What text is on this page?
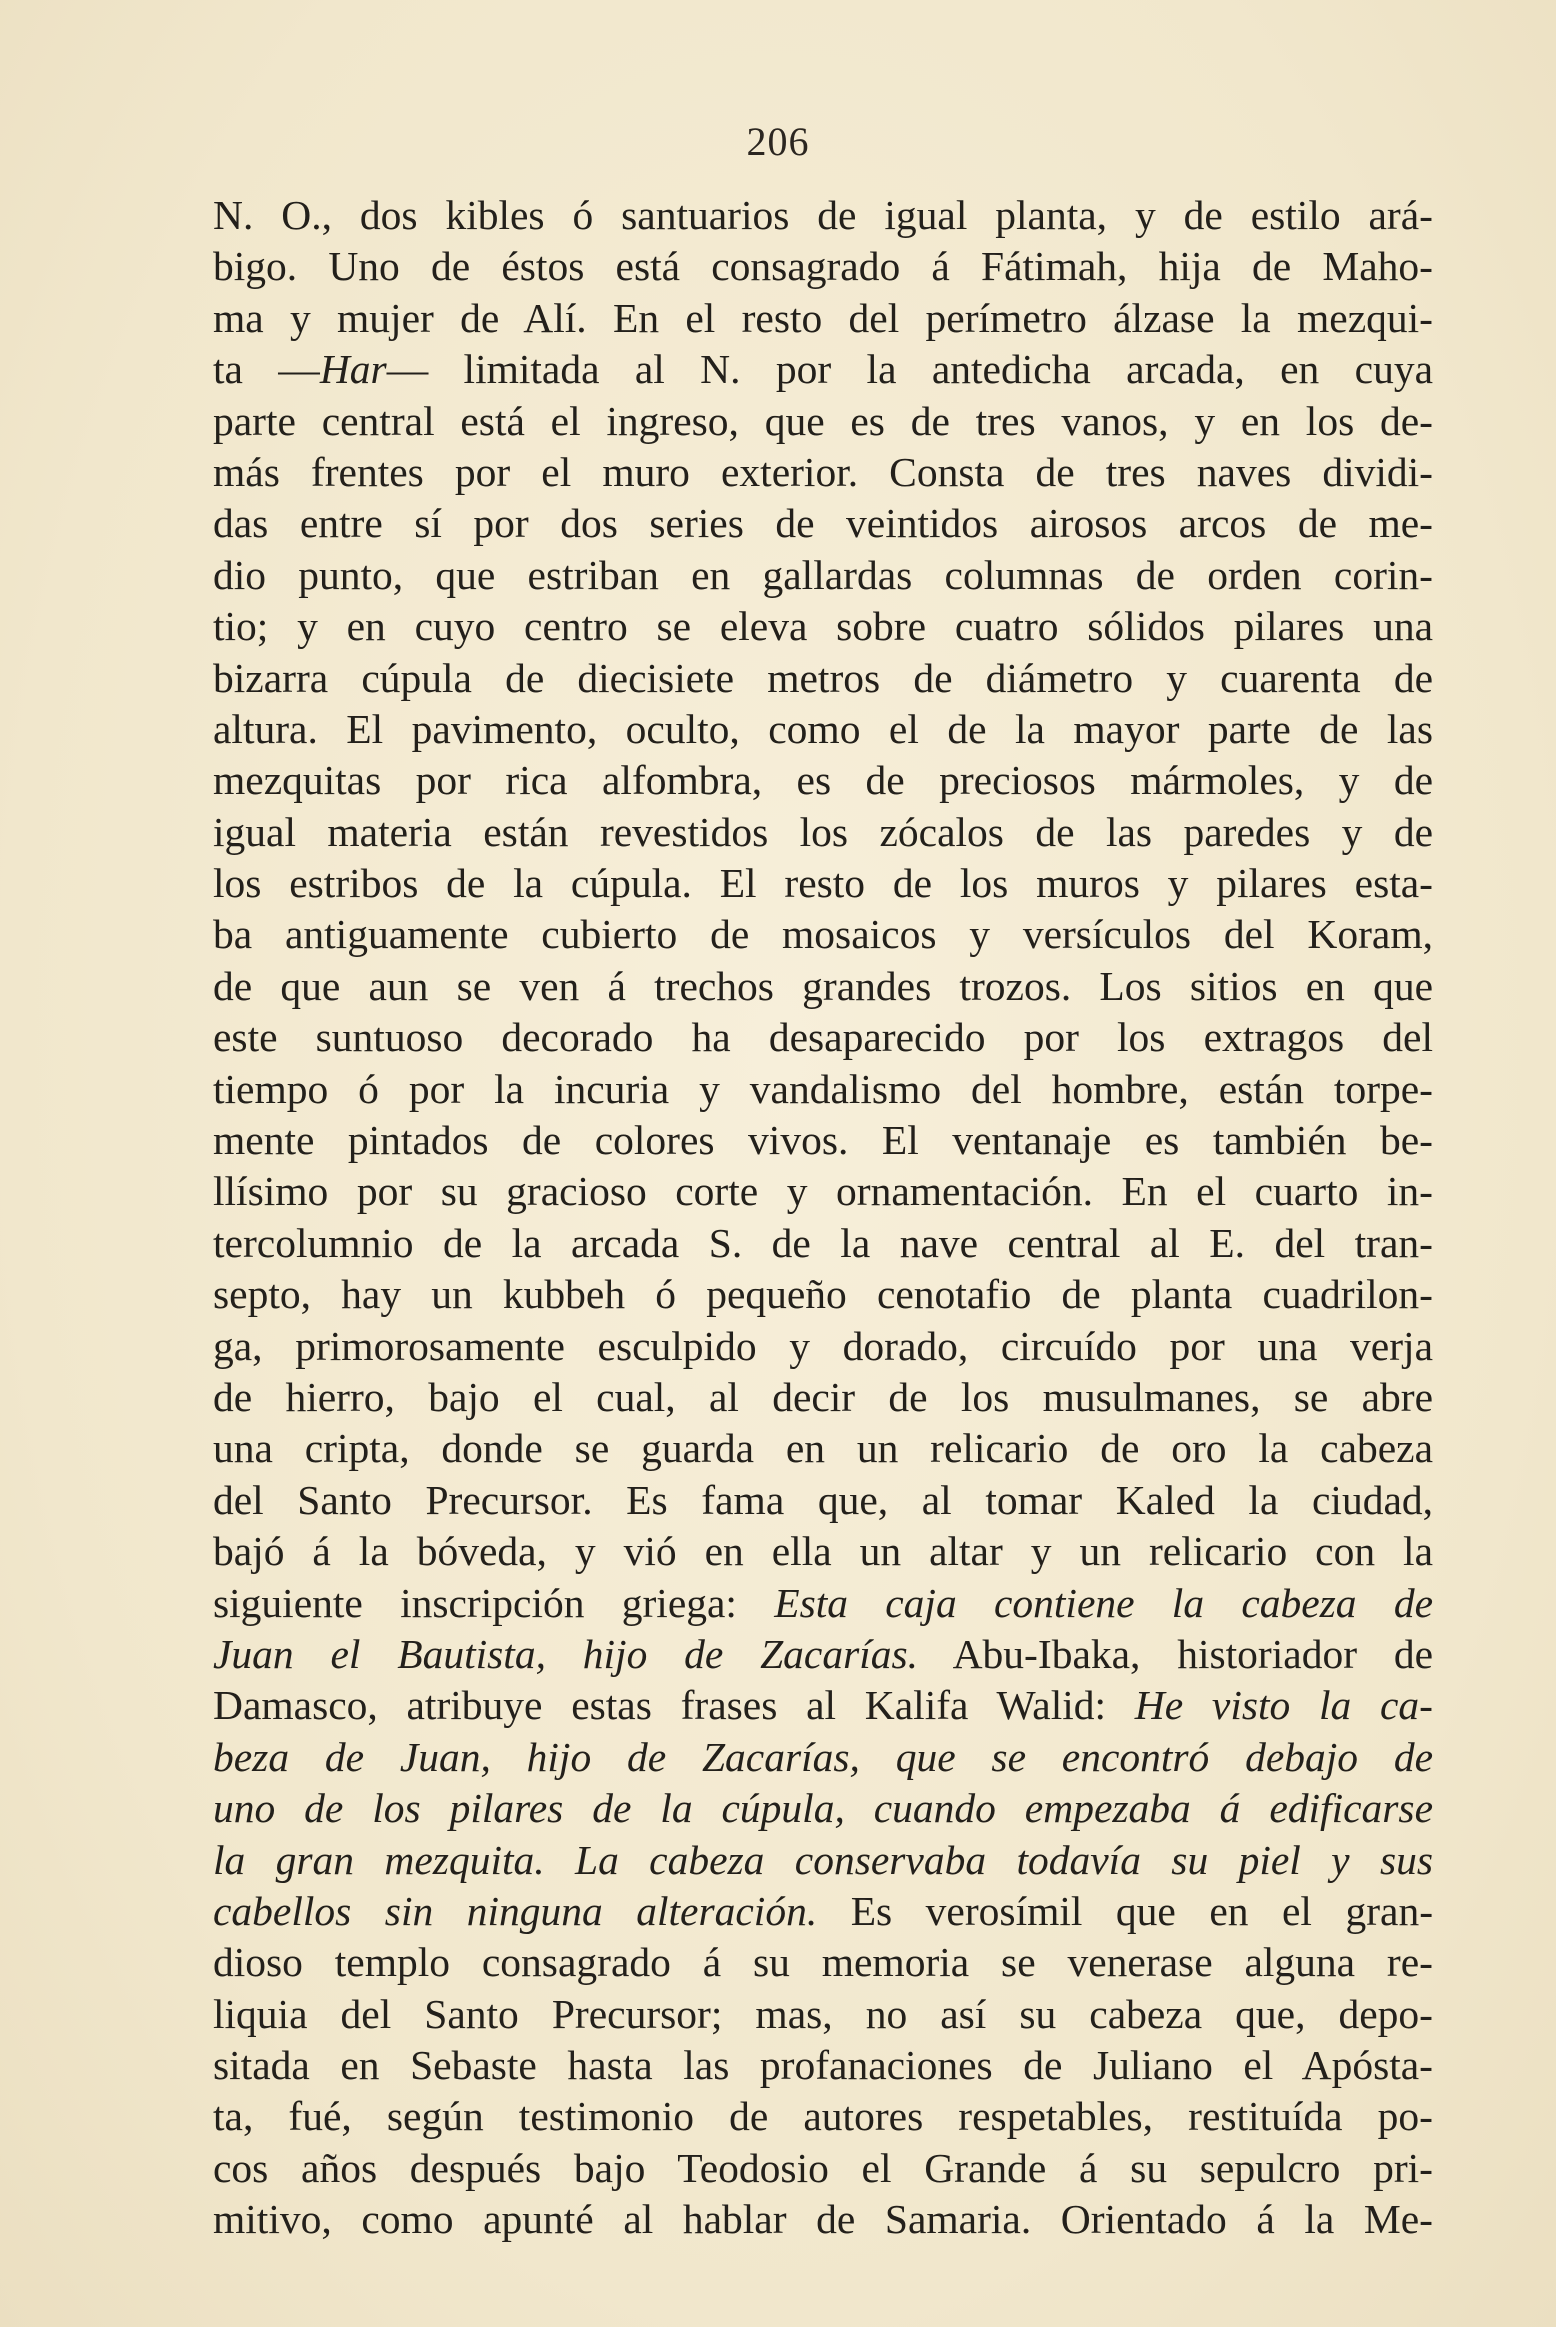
206
N. O., dos kibles ó santuarios de igual planta, y de estilo ará-
bigo. Uno de éstos está consagrado á Fátimah, hija de Maho-
ma y mujer de Alí. En el resto del perímetro álzase la mezqui-
ta —Har— limitada al N. por la antedicha arcada, en cuya
parte central está el ingreso, que es de tres vanos, y en los de-
más frentes por el muro exterior. Consta de tres naves dividi-
das entre sí por dos series de veintidos airosos arcos de me-
dio punto, que estriban en gallardas columnas de orden corin-
tio; y en cuyo centro se eleva sobre cuatro sólidos pilares una
bizarra cúpula de diecisiete metros de diámetro y cuarenta de
altura. El pavimento, oculto, como el de la mayor parte de las
mezquitas por rica alfombra, es de preciosos mármoles, y de
igual materia están revestidos los zócalos de las paredes y de
los estribos de la cúpula. El resto de los muros y pilares esta-
ba antiguamente cubierto de mosaicos y versículos del Koram,
de que aun se ven á trechos grandes trozos. Los sitios en que
este suntuoso decorado ha desaparecido por los extragos del
tiempo ó por la incuria y vandalismo del hombre, están torpe-
mente pintados de colores vivos. El ventanaje es también be-
llísimo por su gracioso corte y ornamentación. En el cuarto in-
tercolumnio de la arcada S. de la nave central al E. del tran-
septo, hay un kubbeh ó pequeño cenotafio de planta cuadrilon-
ga, primorosamente esculpido y dorado, circuído por una verja
de hierro, bajo el cual, al decir de los musulmanes, se abre
una cripta, donde se guarda en un relicario de oro la cabeza
del Santo Precursor. Es fama que, al tomar Kaled la ciudad,
bajó á la bóveda, y vió en ella un altar y un relicario con la
siguiente inscripción griega: Esta caja contiene la cabeza de
Juan el Bautista, hijo de Zacarías. Abu-Ibaka, historiador de
Damasco, atribuye estas frases al Kalifa Walid: He visto la ca-
beza de Juan, hijo de Zacarías, que se encontró debajo de
uno de los pilares de la cúpula, cuando empezaba á edificarse
la gran mezquita. La cabeza conservaba todavía su piel y sus
cabellos sin ninguna alteración. Es verosímil que en el gran-
dioso templo consagrado á su memoria se venerase alguna re-
liquia del Santo Precursor; mas, no así su cabeza que, depo-
sitada en Sebaste hasta las profanaciones de Juliano el Apósta-
ta, fué, según testimonio de autores respetables, restituída po-
cos años después bajo Teodosio el Grande á su sepulcro pri-
mitivo, como apunté al hablar de Samaria. Orientado á la Me-
